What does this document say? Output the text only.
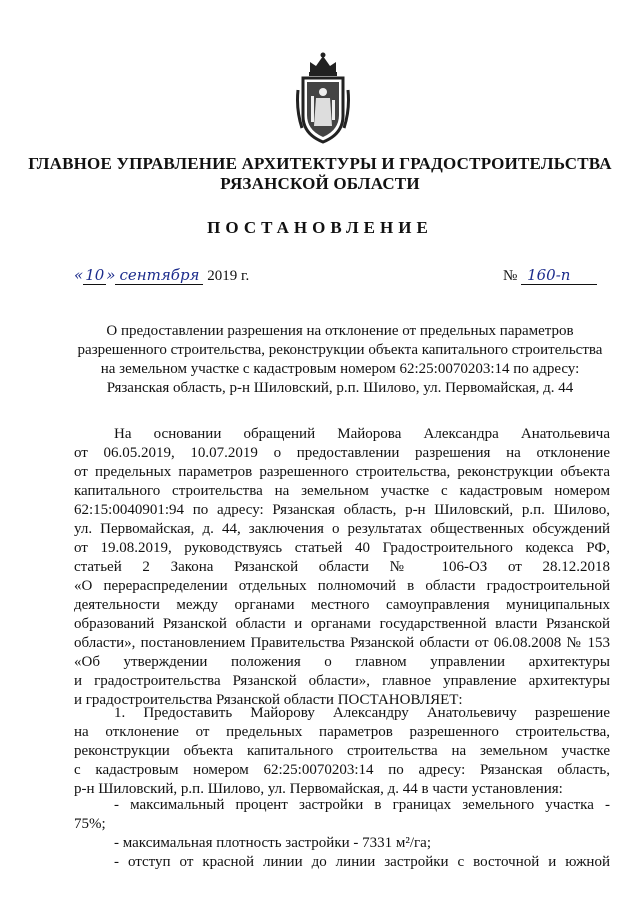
ГЛАВНОЕ УПРАВЛЕНИЕ АРХИТЕКТУРЫ И ГРАДОСТРОИТЕЛЬСТВА
РЯЗАНСКОЙ ОБЛАСТИ
ПОСТАНОВЛЕНИЕ
« 10 » сентября 2019 г.	№ 160-п
О предоставлении разрешения на отклонение от предельных параметров
разрешенного строительства, реконструкции объекта капитального строительства
на земельном участке с кадастровым номером 62:25:0070203:14 по адресу:
Рязанская область, р-н Шиловский, р.п. Шилово, ул. Первомайская, д. 44
На основании обращений Майорова Александра Анатольевича
от 06.05.2019, 10.07.2019 о предоставлении разрешения на отклонение
от предельных параметров разрешенного строительства, реконструкции объекта
капитального строительства на земельном участке с кадастровым номером
62:15:0040901:94 по адресу: Рязанская область, р-н Шиловский, р.п. Шилово,
ул. Первомайская, д. 44, заключения о результатах общественных обсуждений
от 19.08.2019, руководствуясь статьей 40 Градостроительного кодекса РФ,
статьей 2 Закона Рязанской области № 106-ОЗ от 28.12.2018
«О перераспределении отдельных полномочий в области градостроительной
деятельности между органами местного самоуправления муниципальных
образований Рязанской области и органами государственной власти Рязанской
области», постановлением Правительства Рязанской области от 06.08.2008 № 153
«Об утверждении положения о главном управлении архитектуры
и градостроительства Рязанской области», главное управление архитектуры
и градостроительства Рязанской области ПОСТАНОВЛЯЕТ:
1. Предоставить Майорову Александру Анатольевичу разрешение
на отклонение от предельных параметров разрешенного строительства,
реконструкции объекта капитального строительства на земельном участке
с кадастровым номером 62:25:0070203:14 по адресу: Рязанская область,
р-н Шиловский, р.п. Шилово, ул. Первомайская, д. 44 в части установления:
- максимальный процент застройки в границах земельного участка -
75%;
- максимальная плотность застройки - 7331 м²/га;
- отступ от красной линии до линии застройки с восточной и южной
